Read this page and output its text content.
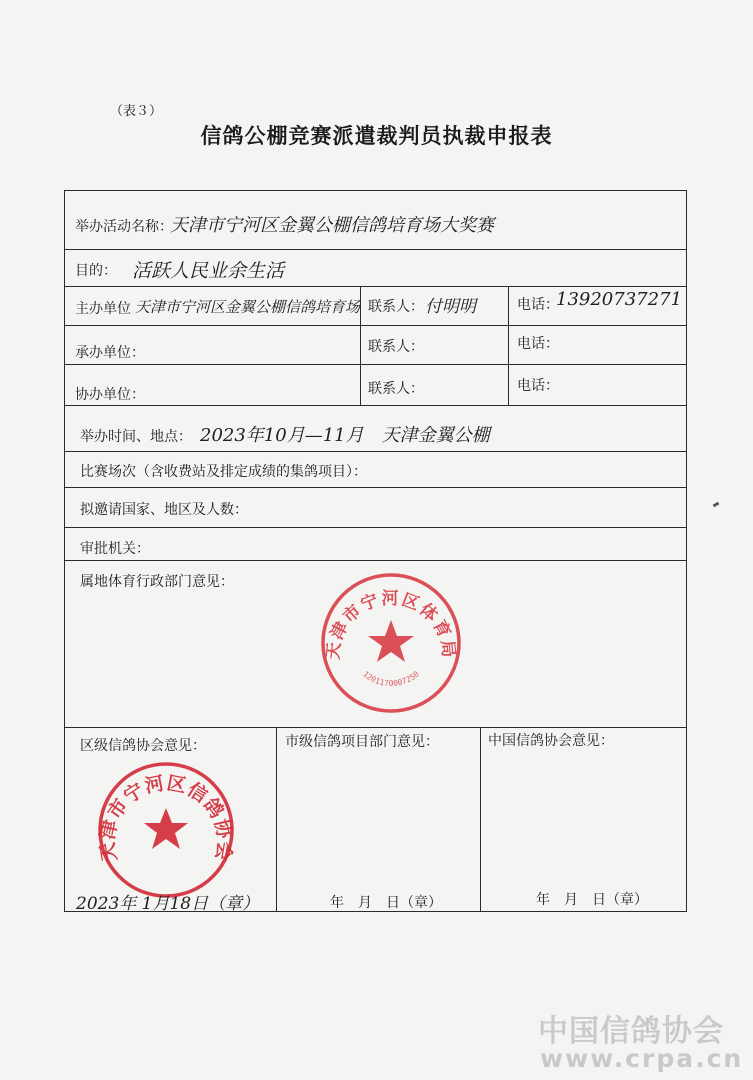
（表３）
信鸽公棚竞赛派遣裁判员执裁申报表
举办活动名称：
天津市宁河区金翼公棚信鸽培育场大奖赛
目的： 活跃人民业余生活
主办单位 天津市宁河区金翼公棚信鸽培育场 联系人： 付明明	电话：
13920737271
承办单位：	联系人：	电话：
协办单位：	联系人：	电话：
举办时间、地点： 2023年10月—11月　天津金翼公棚
比赛场次（含收费站及排定成绩的集鸽项目）：
拟邀请国家、地区及人数：
审批机关：
属地体育行政部门意见：
天津市宁河区体育局
1201170007250
区级信鸽协会意见：	市级信鸽项目部门意见：	中国信鸽协会意见：
天津市宁河区信鸽协会
2023年 1月18日（章）	年　月　日（章）	年　月　日（章）
中国信鸽协会
www.crpa.cn
